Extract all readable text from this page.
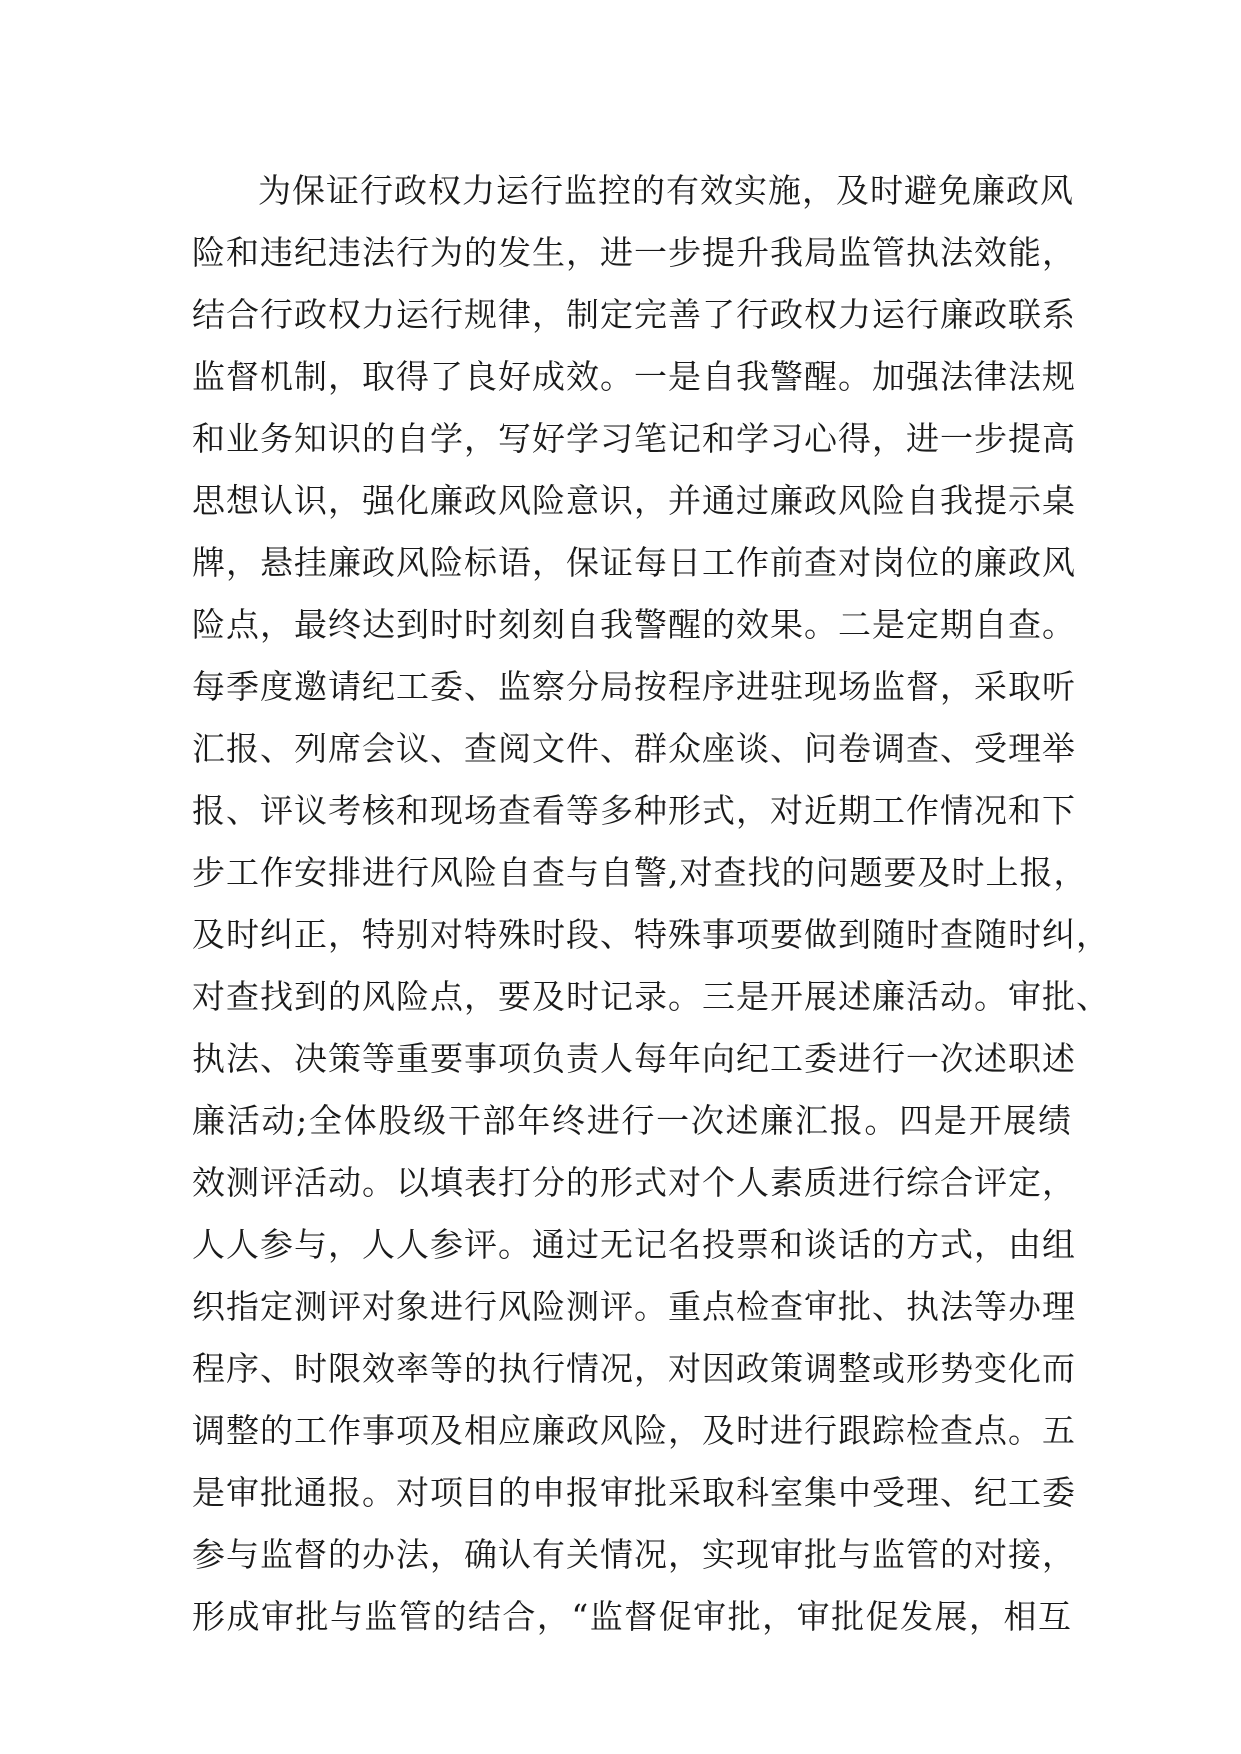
为保证行政权力运行监控的有效实施，及时避免廉政风
险和违纪违法行为的发生，进一步提升我局监管执法效能，
结合行政权力运行规律，制定完善了行政权力运行廉政联系
监督机制，取得了良好成效。一是自我警醒。加强法律法规
和业务知识的自学，写好学习笔记和学习心得，进一步提高
思想认识，强化廉政风险意识，并通过廉政风险自我提示桌
牌，悬挂廉政风险标语，保证每日工作前查对岗位的廉政风
险点，最终达到时时刻刻自我警醒的效果。二是定期自查。
每季度邀请纪工委、监察分局按程序进驻现场监督，采取听
汇报、列席会议、查阅文件、群众座谈、问卷调查、受理举
报、评议考核和现场查看等多种形式，对近期工作情况和下
步工作安排进行风险自查与自警,对查找的问题要及时上报，
及时纠正，特别对特殊时段、特殊事项要做到随时查随时纠，
对查找到的风险点，要及时记录。三是开展述廉活动。审批、
执法、决策等重要事项负责人每年向纪工委进行一次述职述
廉活动;全体股级干部年终进行一次述廉汇报。四是开展绩
效测评活动。以填表打分的形式对个人素质进行综合评定，
人人参与，人人参评。通过无记名投票和谈话的方式，由组
织指定测评对象进行风险测评。重点检查审批、执法等办理
程序、时限效率等的执行情况，对因政策调整或形势变化而
调整的工作事项及相应廉政风险，及时进行跟踪检查点。五
是审批通报。对项目的申报审批采取科室集中受理、纪工委
参与监督的办法，确认有关情况，实现审批与监管的对接，
形成审批与监管的结合，“监督促审批，审批促发展，相互
